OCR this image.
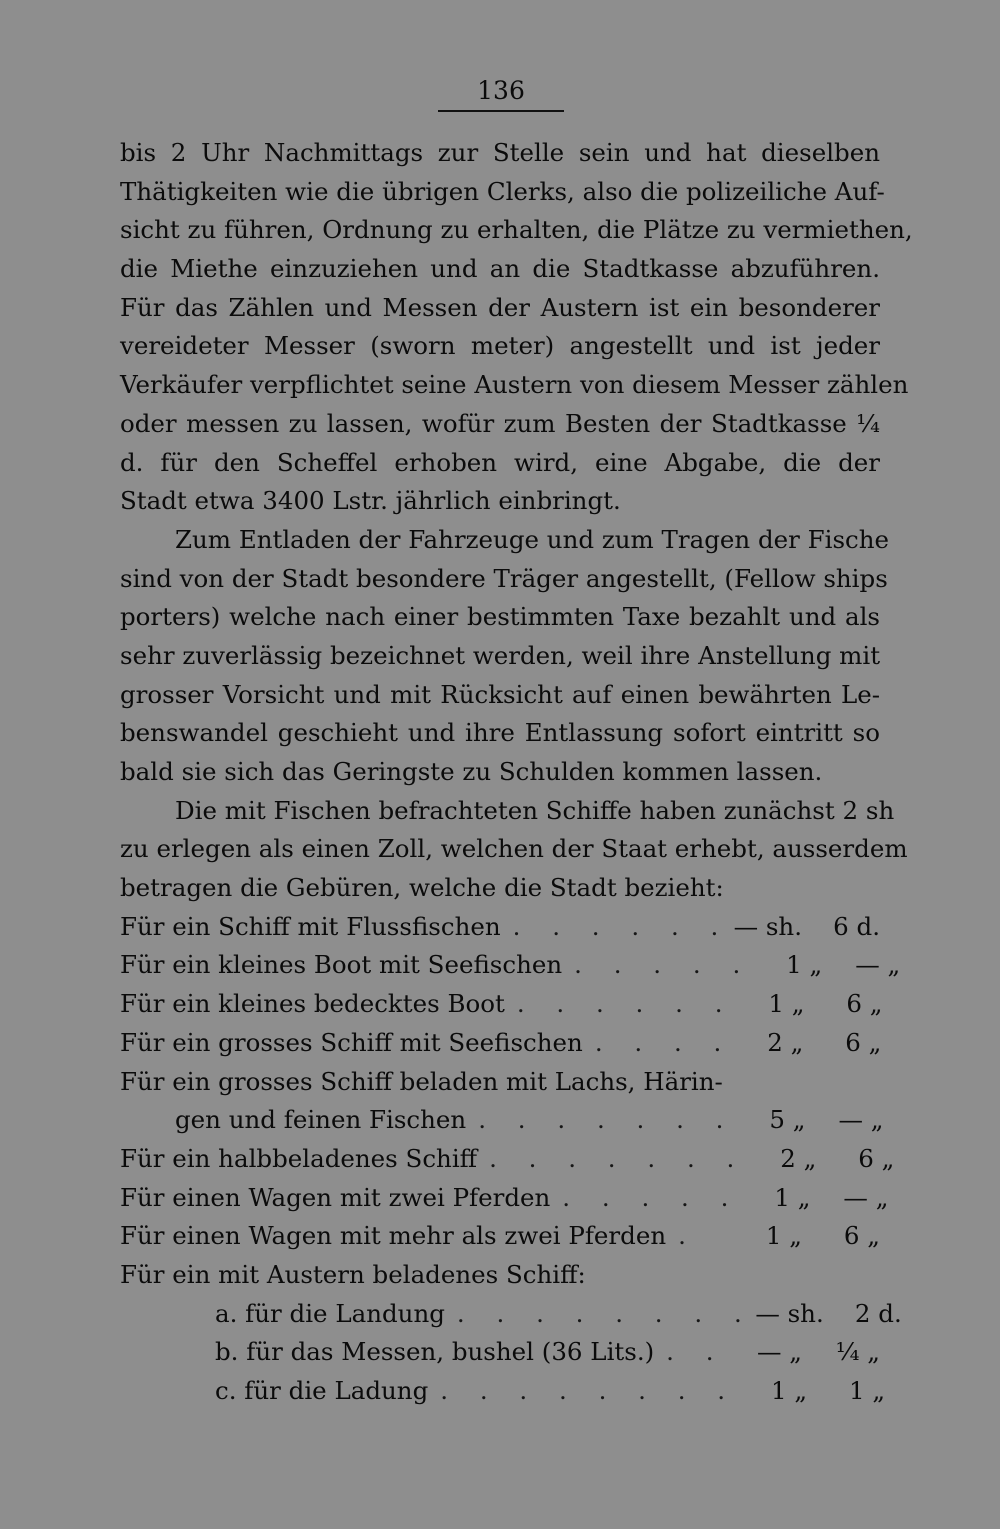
136
bis 2 Uhr Nachmittags zur Stelle sein und hat dieselben
Thätigkeiten wie die übrigen Clerks, also die polizeiliche Auf-
sicht zu führen, Ordnung zu erhalten, die Plätze zu vermiethen,
die Miethe einzuziehen und an die Stadtkasse abzuführen.
Für das Zählen und Messen der Austern ist ein besonderer
vereideter Messer (sworn meter) angestellt und ist jeder
Verkäufer verpflichtet seine Austern von diesem Messer zählen
oder messen zu lassen, wofür zum Besten der Stadtkasse ¼
d. für den Scheffel erhoben wird, eine Abgabe, die der
Stadt etwa 3400 Lstr. jährlich einbringt.
Zum Entladen der Fahrzeuge und zum Tragen der Fische
sind von der Stadt besondere Träger angestellt, (Fellow ships
porters) welche nach einer bestimmten Taxe bezahlt und als
sehr zuverlässig bezeichnet werden, weil ihre Anstellung mit
grosser Vorsicht und mit Rücksicht auf einen bewährten Le-
benswandel geschieht und ihre Entlassung sofort eintritt so
bald sie sich das Geringste zu Schulden kommen lassen.
Die mit Fischen befrachteten Schiffe haben zunächst 2 sh
zu erlegen als einen Zoll, welchen der Staat erhebt, ausserdem
betragen die Gebüren, welche die Stadt bezieht:
Für ein Schiff mit Flussfischen . . . . . . — sh.	6 d.
Für ein kleines Boot mit Seefischen . . . . .	1 „	— „
Für ein kleines bedecktes Boot . . . . . .	1 „	6 „
Für ein grosses Schiff mit Seefischen . . . .	2 „	6 „
Für ein grosses Schiff beladen mit Lachs, Härin-
gen und feinen Fischen . . . . . . .	5 „	— „
Für ein halbbeladenes Schiff . . . . . . .	2 „	6 „
Für einen Wagen mit zwei Pferden . . . . .	1 „	— „
Für einen Wagen mit mehr als zwei Pferden .	1 „	6 „
Für ein mit Austern beladenes Schiff:
a. für die Landung . . . . . . . . — sh.	2 d.
b. für das Messen, bushel (36 Lits.) . .	— „	¼ „
c. für die Ladung . . . . . . . .	1 „	1 „
